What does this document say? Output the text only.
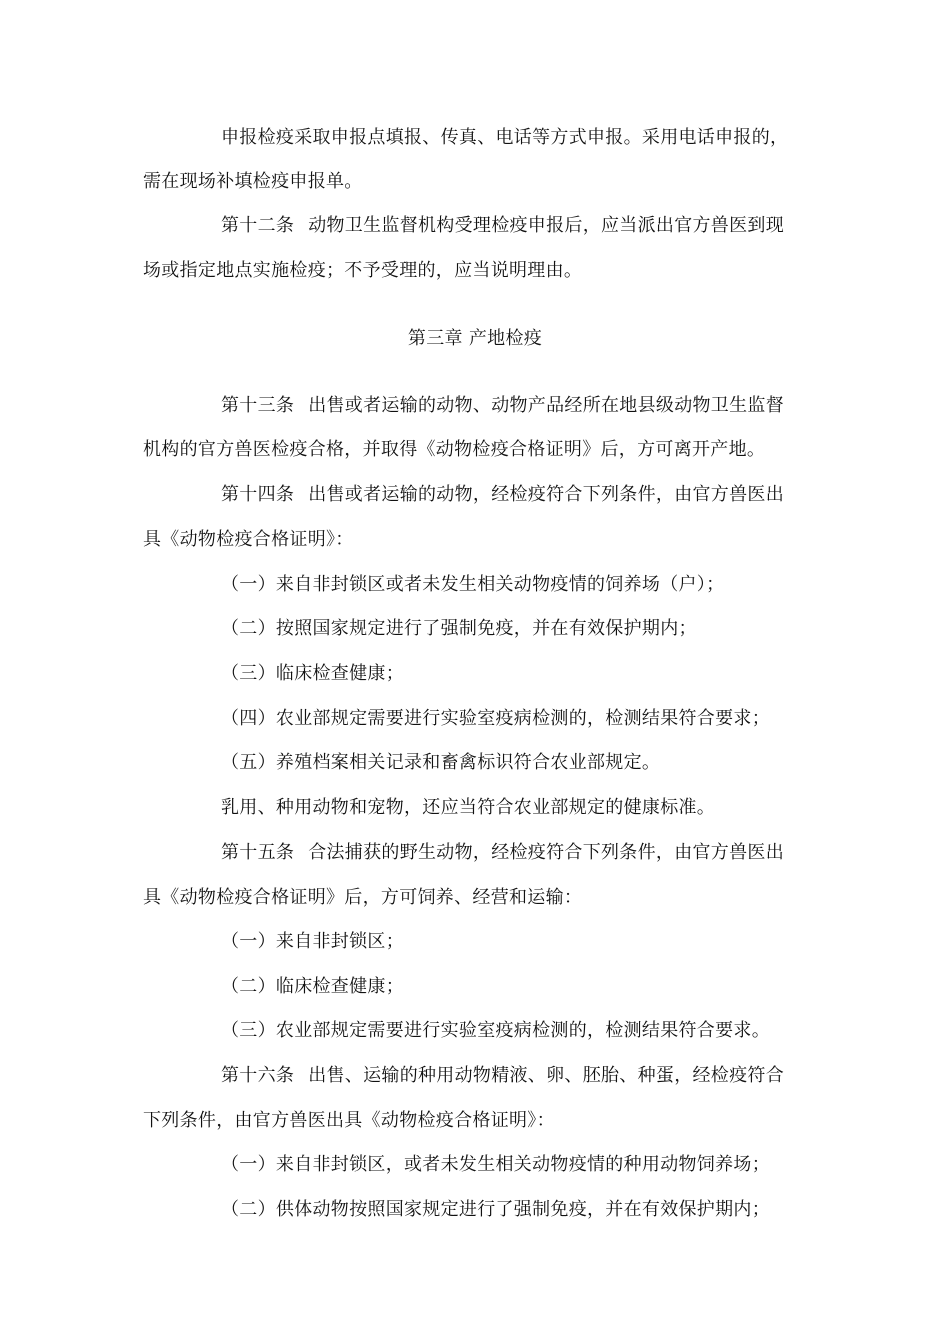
申报检疫采取申报点填报、传真、电话等方式申报。采用电话申报的，
需在现场补填检疫申报单。
第十二条 动物卫生监督机构受理检疫申报后，应当派出官方兽医到现
场或指定地点实施检疫；不予受理的，应当说明理由。
第三章 产地检疫
第十三条 出售或者运输的动物、动物产品经所在地县级动物卫生监督
机构的官方兽医检疫合格，并取得《动物检疫合格证明》后，方可离开产地。
第十四条 出售或者运输的动物，经检疫符合下列条件，由官方兽医出
具《动物检疫合格证明》：
（一）来自非封锁区或者未发生相关动物疫情的饲养场（户）；
（二）按照国家规定进行了强制免疫，并在有效保护期内；
（三）临床检查健康；
（四）农业部规定需要进行实验室疫病检测的，检测结果符合要求；
（五）养殖档案相关记录和畜禽标识符合农业部规定。
乳用、种用动物和宠物，还应当符合农业部规定的健康标准。
第十五条 合法捕获的野生动物，经检疫符合下列条件，由官方兽医出
具《动物检疫合格证明》后，方可饲养、经营和运输：
（一）来自非封锁区；
（二）临床检查健康；
（三）农业部规定需要进行实验室疫病检测的，检测结果符合要求。
第十六条 出售、运输的种用动物精液、卵、胚胎、种蛋，经检疫符合
下列条件，由官方兽医出具《动物检疫合格证明》：
（一）来自非封锁区，或者未发生相关动物疫情的种用动物饲养场；
（二）供体动物按照国家规定进行了强制免疫，并在有效保护期内；
